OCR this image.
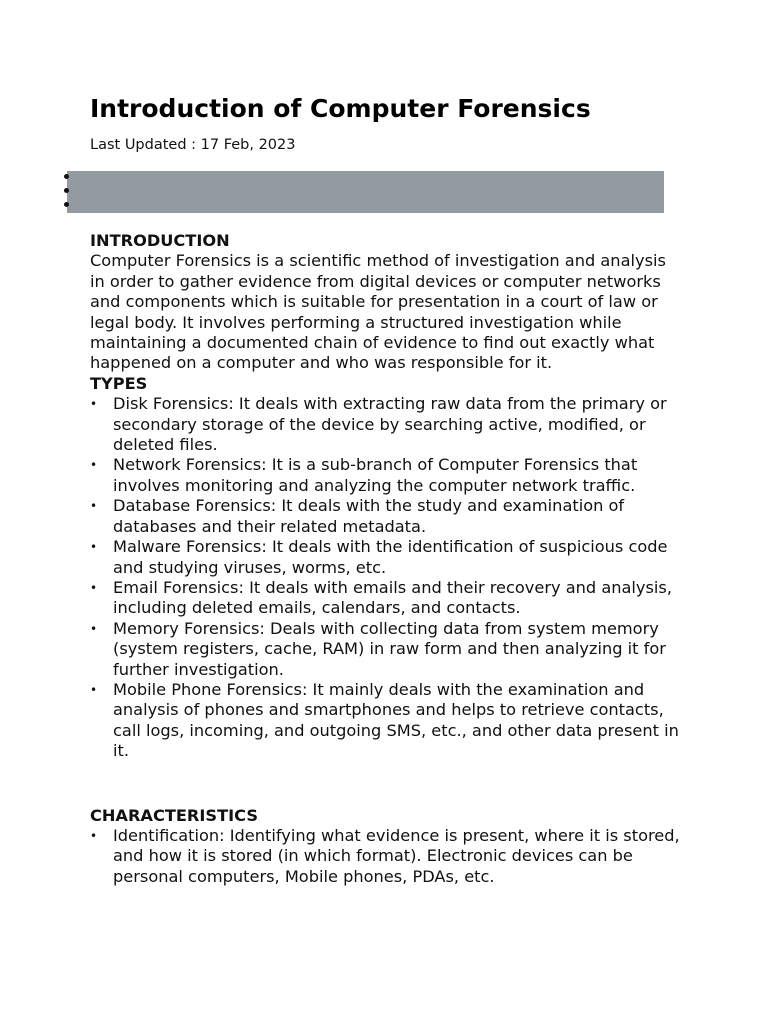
Introduction of Computer Forensics
Last Updated : 17 Feb, 2023
INTRODUCTION

Computer Forensics is a scientific method of investigation and analysis in order to gather evidence from digital devices or computer networks and components which is suitable for presentation in a court of law or legal body. It involves performing a structured investigation while maintaining a documented chain of evidence to find out exactly what happened on a computer and who was responsible for it.

TYPES
• Disk Forensics: It deals with extracting raw data from the primary or secondary storage of the device by searching active, modified, or deleted files.
• Network Forensics: It is a sub-branch of Computer Forensics that involves monitoring and analyzing the computer network traffic.
• Database Forensics: It deals with the study and examination of databases and their related metadata.
• Malware Forensics: It deals with the identification of suspicious code and studying viruses, worms, etc.
• Email Forensics: It deals with emails and their recovery and analysis, including deleted emails, calendars, and contacts.
• Memory Forensics: Deals with collecting data from system memory (system registers, cache, RAM) in raw form and then analyzing it for further investigation.
• Mobile Phone Forensics: It mainly deals with the examination and analysis of phones and smartphones and helps to retrieve contacts, call logs, incoming, and outgoing SMS, etc., and other data present in it.
CHARACTERISTICS
• Identification: Identifying what evidence is present, where it is stored, and how it is stored (in which format). Electronic devices can be personal computers, Mobile phones, PDAs, etc.
